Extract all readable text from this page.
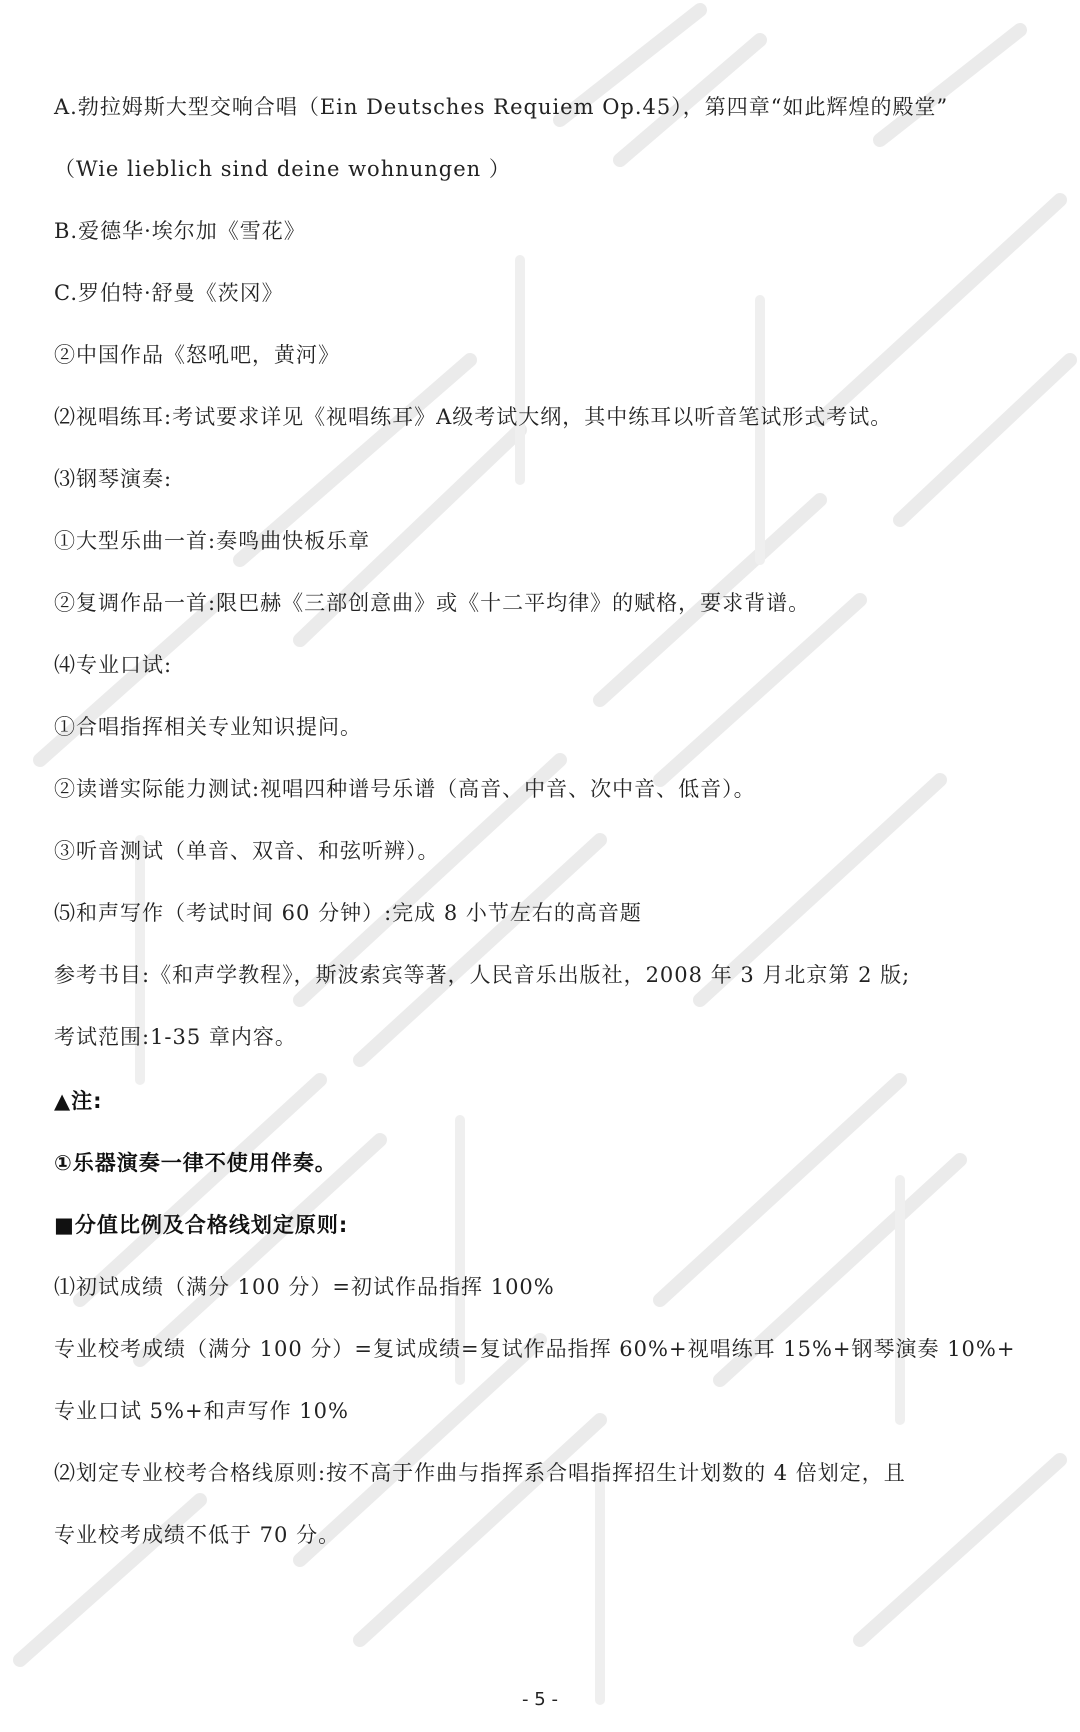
A.勃拉姆斯大型交响合唱（Ein Deutsches Requiem Op.45），第四章“如此辉煌的殿堂”
（Wie lieblich sind deine wohnungen ）
B.爱德华·埃尔加《雪花》
C.罗伯特·舒曼《茨冈》
②中国作品《怒吼吧，黄河》
⑵视唱练耳:考试要求详见《视唱练耳》A级考试大纲，其中练耳以听音笔试形式考试。
⑶钢琴演奏:
①大型乐曲一首:奏鸣曲快板乐章
②复调作品一首:限巴赫《三部创意曲》或《十二平均律》的赋格，要求背谱。
⑷专业口试:
①合唱指挥相关专业知识提问。
②读谱实际能力测试:视唱四种谱号乐谱（高音、中音、次中音、低音）。
③听音测试（单音、双音、和弦听辨）。
⑸和声写作（考试时间 60 分钟）:完成 8 小节左右的高音题
参考书目:《和声学教程》，斯波索宾等著，人民音乐出版社，2008 年 3 月北京第 2 版;
考试范围:1-35 章内容。
▲注:
①乐器演奏一律不使用伴奏。
■分值比例及合格线划定原则:
⑴初试成绩（满分 100 分）=初试作品指挥 100%
专业校考成绩（满分 100 分）=复试成绩=复试作品指挥 60%+视唱练耳 15%+钢琴演奏 10%+
专业口试 5%+和声写作 10%
⑵划定专业校考合格线原则:按不高于作曲与指挥系合唱指挥招生计划数的 4 倍划定，且
专业校考成绩不低于 70 分。
- 5 -
